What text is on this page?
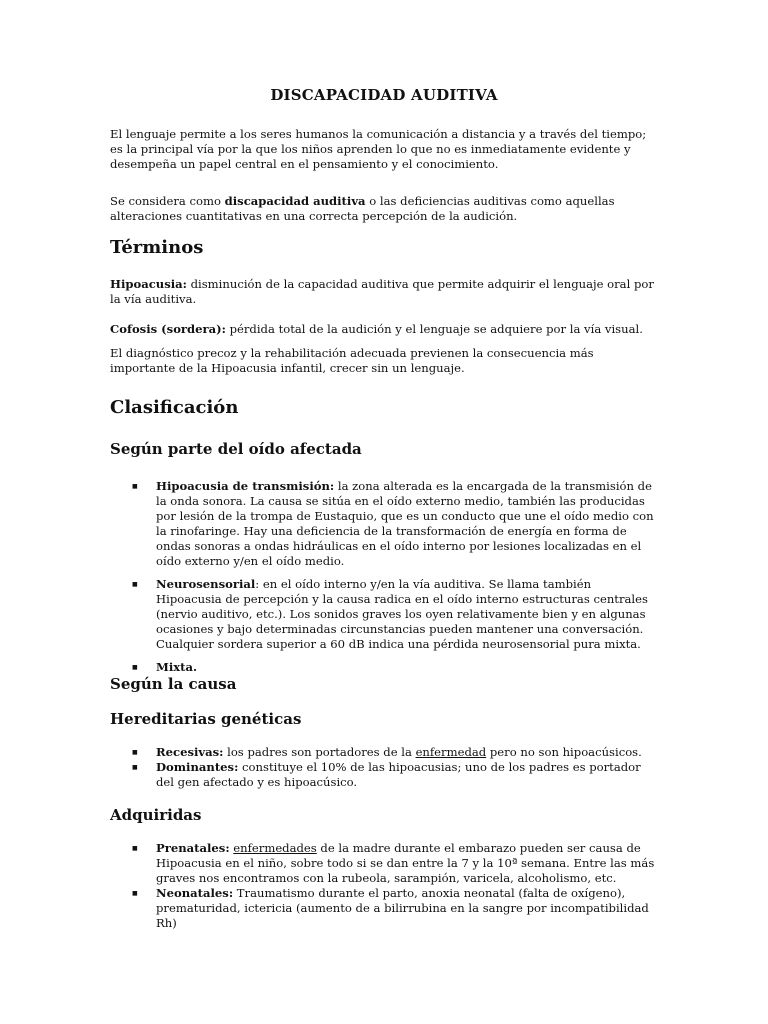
DISCAPACIDAD AUDITIVA

El lenguaje permite a los seres humanos la comunicación a distancia y a través del tiempo; es la principal vía por la que los niños aprenden lo que no es inmediatamente evidente y desempeña un papel central en el pensamiento y el conocimiento.

Se considera como discapacidad auditiva o las deficiencias auditivas como aquellas alteraciones cuantitativas en una correcta percepción de la audición.

Términos

Hipoacusia: disminución de la capacidad auditiva que permite adquirir el lenguaje oral por la vía auditiva.

Cofosis (sordera): pérdida total de la audición y el lenguaje se adquiere por la vía visual.

El diagnóstico precoz y la rehabilitación adecuada previenen la consecuencia más importante de la Hipoacusia infantil, crecer sin un lenguaje.

Clasificación
Según parte del oído afectada
■ Hipoacusia de transmisión: la zona alterada es la encargada de la transmisión de la onda sonora. La causa se sitúa en el oído externo medio, también las producidas por lesión de la trompa de Eustaquio, que es un conducto que une el oído medio con la rinofaringe. Hay una deficiencia de la transformación de energía en forma de ondas sonoras a ondas hidráulicas en el oído interno por lesiones localizadas en el oído externo y/en el oído medio.
■ Neurosensorial: en el oído interno y/en la vía auditiva. Se llama también Hipoacusia de percepción y la causa radica en el oído interno estructuras centrales (nervio auditivo, etc.). Los sonidos graves los oyen relativamente bien y en algunas ocasiones y bajo determinadas circunstancias pueden mantener una conversación. Cualquier sordera superior a 60 dB indica una pérdida neurosensorial pura mixta.
■ Mixta.
Según la causa
Hereditarias genéticas
■ Recesivas: los padres son portadores de la enfermedad pero no son hipoacúsicos.
■ Dominantes: constituye el 10% de las hipoacusias; uno de los padres es portador del gen afectado y es hipoacúsico.
Adquiridas
■ Prenatales: enfermedades de la madre durante el embarazo pueden ser causa de Hipoacusia en el niño, sobre todo si se dan entre la 7 y la 10ª semana. Entre las más graves nos encontramos con la rubeola, sarampión, varicela, alcoholismo, etc.
■ Neonatales: Traumatismo durante el parto, anoxia neonatal (falta de oxígeno), prematuridad, ictericia (aumento de a bilirrubina en la sangre por incompatibilidad Rh)
